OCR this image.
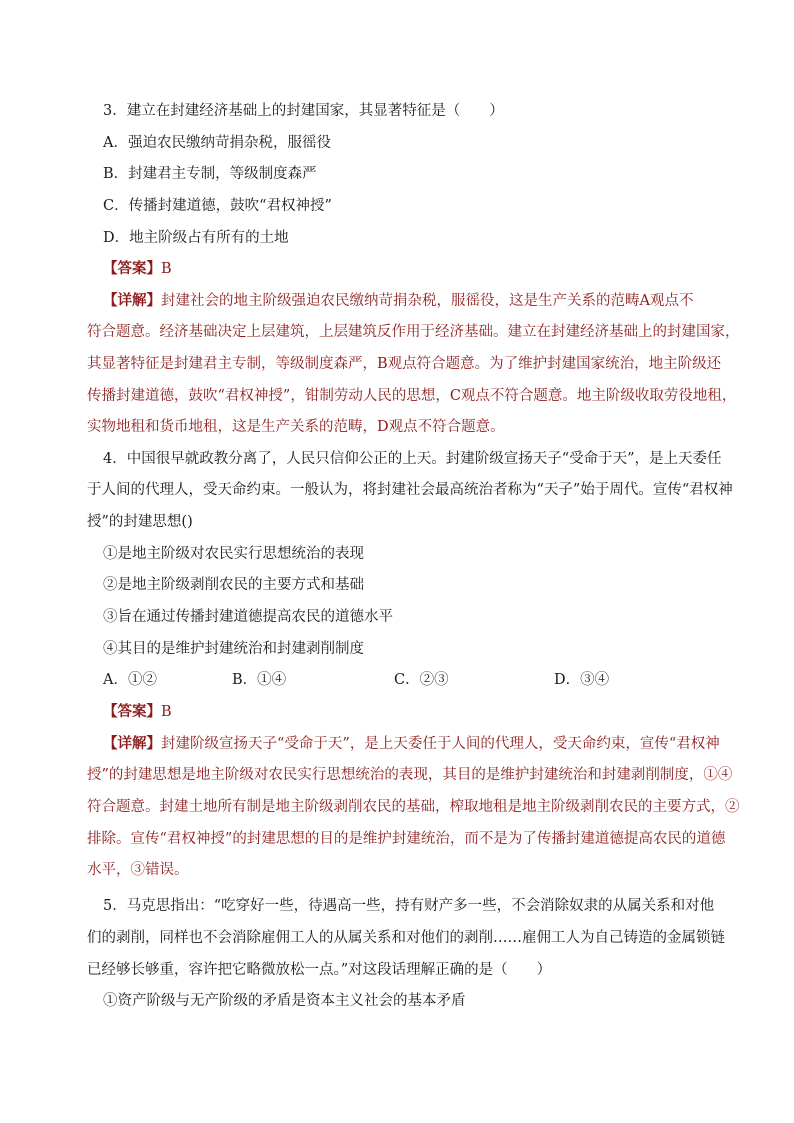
3．建立在封建经济基础上的封建国家，其显著特征是（　　）
A．强迫农民缴纳苛捐杂税，服徭役
B．封建君主专制，等级制度森严
C．传播封建道德，鼓吹“君权神授”
D．地主阶级占有所有的土地
【答案】B
【详解】封建社会的地主阶级强迫农民缴纳苛捐杂税，服徭役，这是生产关系的范畴A观点不
符合题意。经济基础决定上层建筑，上层建筑反作用于经济基础。建立在封建经济基础上的封建国家，
其显著特征是封建君主专制，等级制度森严，B观点符合题意。为了维护封建国家统治，地主阶级还
传播封建道德，鼓吹“君权神授”，钳制劳动人民的思想，C观点不符合题意。地主阶级收取劳役地租，
实物地租和货币地租，这是生产关系的范畴，D观点不符合题意。
4．中国很早就政教分离了，人民只信仰公正的上天。封建阶级宣扬天子“受命于天”，是上天委任
于人间的代理人，受天命约束。一般认为，将封建社会最高统治者称为“天子”始于周代。宣传“君权神
授”的封建思想()
①是地主阶级对农民实行思想统治的表现
②是地主阶级剥削农民的主要方式和基础
③旨在通过传播封建道德提高农民的道德水平
④其目的是维护封建统治和封建剥削制度
A．①②	B．①④	C．②③	D．③④
【答案】B
【详解】封建阶级宣扬天子“受命于天”，是上天委任于人间的代理人，受天命约束，宣传“君权神
授”的封建思想是地主阶级对农民实行思想统治的表现，其目的是维护封建统治和封建剥削制度，①④
符合题意。封建土地所有制是地主阶级剥削农民的基础，榨取地租是地主阶级剥削农民的主要方式，②
排除。宣传“君权神授”的封建思想的目的是维护封建统治，而不是为了传播封建道德提高农民的道德
水平，③错误。
5．马克思指出：“吃穿好一些，待遇高一些，持有财产多一些，不会消除奴隶的从属关系和对他
们的剥削，同样也不会消除雇佣工人的从属关系和对他们的剥削……雇佣工人为自己铸造的金属锁链
已经够长够重，容许把它略微放松一点。”对这段话理解正确的是（　　）
①资产阶级与无产阶级的矛盾是资本主义社会的基本矛盾
